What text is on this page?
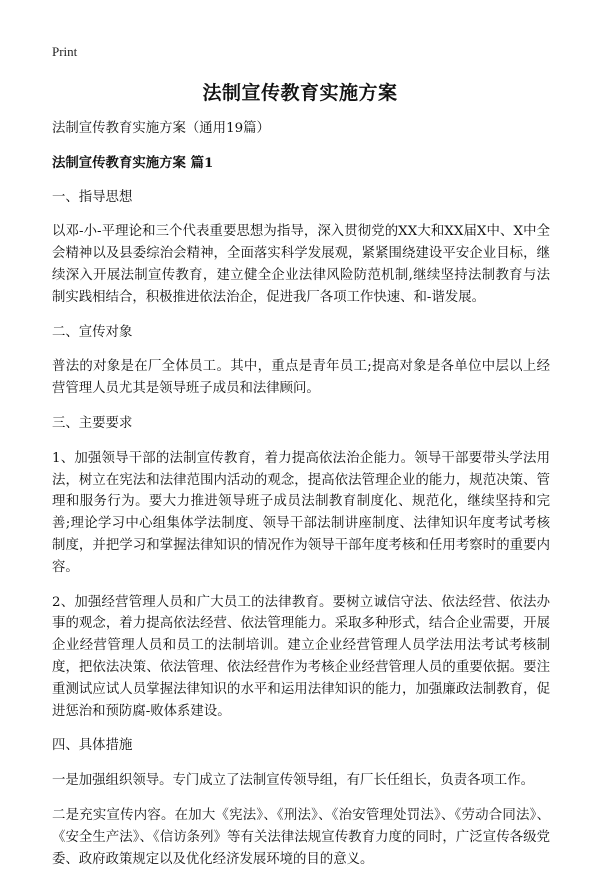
Print
法制宣传教育实施方案

法制宣传教育实施方案（通用19篇）

法制宣传教育实施方案 篇1

一、指导思想

以邓-小-平理论和三个代表重要思想为指导，深入贯彻党的XX大和XX届X中、X中全会精神以及县委综治会精神，全面落实科学发展观，紧紧围绕建设平安企业目标，继续深入开展法制宣传教育，建立健全企业法律风险防范机制,继续坚持法制教育与法制实践相结合，积极推进依法治企，促进我厂各项工作快速、和-谐发展。

二、宣传对象

普法的对象是在厂全体员工。其中，重点是青年员工;提高对象是各单位中层以上经营管理人员尤其是领导班子成员和法律顾问。

三、主要要求

1、加强领导干部的法制宣传教育，着力提高依法治企能力。领导干部要带头学法用法，树立在宪法和法律范围内活动的观念，提高依法管理企业的能力，规范决策、管理和服务行为。要大力推进领导班子成员法制教育制度化、规范化，继续坚持和完善;理论学习中心组集体学法制度、领导干部法制讲座制度、法律知识年度考试考核制度，并把学习和掌握法律知识的情况作为领导干部年度考核和任用考察时的重要内容。

2、加强经营管理人员和广大员工的法律教育。要树立诚信守法、依法经营、依法办事的观念，着力提高依法经营、依法管理能力。采取多种形式，结合企业需要，开展企业经营管理人员和员工的法制培训。建立企业经营管理人员学法用法考试考核制度，把依法决策、依法管理、依法经营作为考核企业经营管理人员的重要依据。要注重测试应试人员掌握法律知识的水平和运用法律知识的能力，加强廉政法制教育，促进惩治和预防腐-败体系建设。

四、具体措施

一是加强组织领导。专门成立了法制宣传领导组，有厂长任组长，负责各项工作。

二是充实宣传内容。在加大《宪法》、《刑法》、《治安管理处罚法》、《劳动合同法》、《安全生产法》、《信访条列》等有关法律法规宣传教育力度的同时，广泛宣传各级党委、政府政策规定以及优化经济发展环境的目的意义。
